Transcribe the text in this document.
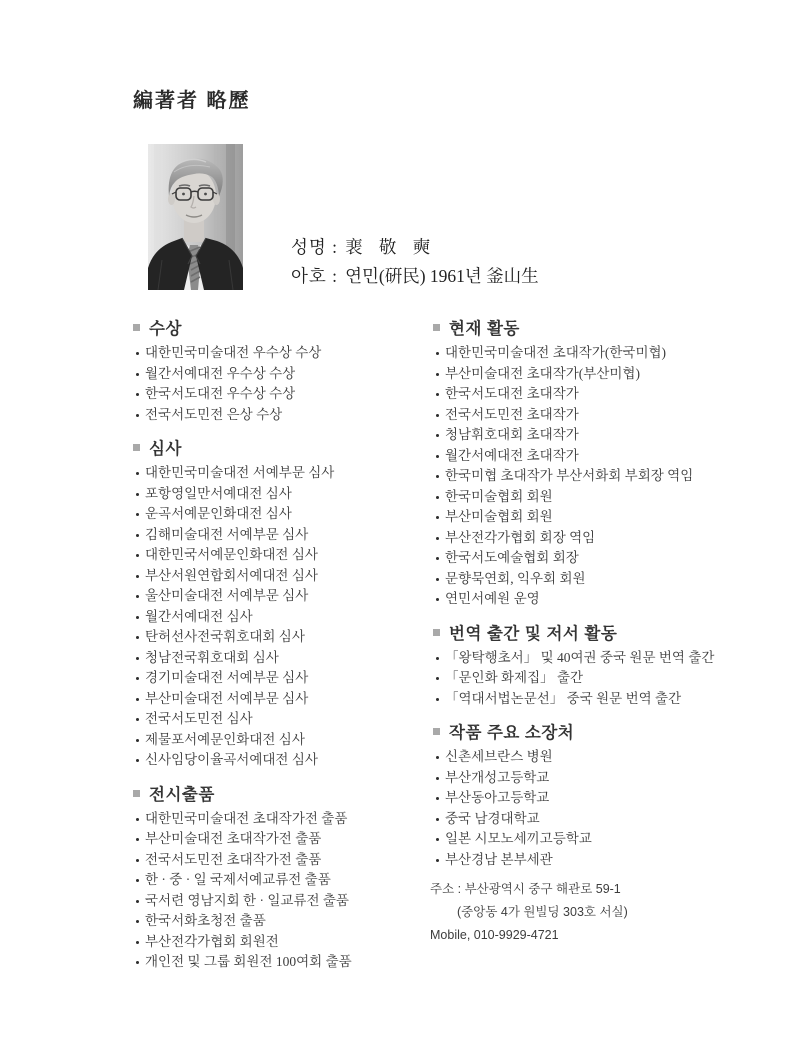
編著者 略歷
성명 : 裵 敬 奭
아호 : 연민(硏民) 1961년 釜山生
수상
대한민국미술대전 우수상 수상
월간서예대전 우수상 수상
한국서도대전 우수상 수상
전국서도민전 은상 수상
심사
대한민국미술대전 서예부문 심사
포항영일만서예대전 심사
운곡서예문인화대전 심사
김해미술대전 서예부문 심사
대한민국서예문인화대전 심사
부산서원연합회서예대전 심사
울산미술대전 서예부문 심사
월간서예대전 심사
탄허선사전국휘호대회 심사
청남전국휘호대회 심사
경기미술대전 서예부문 심사
부산미술대전 서예부문 심사
전국서도민전 심사
제물포서예문인화대전 심사
신사임당이율곡서예대전 심사
전시출품
대한민국미술대전 초대작가전 출품
부산미술대전 초대작가전 출품
전국서도민전 초대작가전 출품
한 · 중 · 일 국제서예교류전 출품
국서련 영남지회 한 · 일교류전 출품
한국서화초청전 출품
부산전각가협회 회원전
개인전 및 그룹 회원전 100여회 출품
현재 활동
대한민국미술대전 초대작가(한국미협)
부산미술대전 초대작가(부산미협)
한국서도대전 초대작가
전국서도민전 초대작가
청남휘호대회 초대작가
월간서예대전 초대작가
한국미협 초대작가 부산서화회 부회장 역임
한국미술협회 회원
부산미술협회 회원
부산전각가협회 회장 역임
한국서도예술협회 회장
문향묵연회, 익우회 회원
연민서예원 운영
번역 출간 및 저서 활동
「왕탁행초서」 및 40여권 중국 원문 번역 출간
「문인화 화제집」 출간
「역대서법논문선」 중국 원문 번역 출간
작품 주요 소장처
신촌세브란스 병원
부산개성고등학교
부산동아고등학교
중국 남경대학교
일본 시모노세끼고등학교
부산경남 본부세관
주소 : 부산광역시 중구 해관로 59-1
(중앙동 4가 원빌딩 303호 서실)
Mobile, 010-9929-4721
